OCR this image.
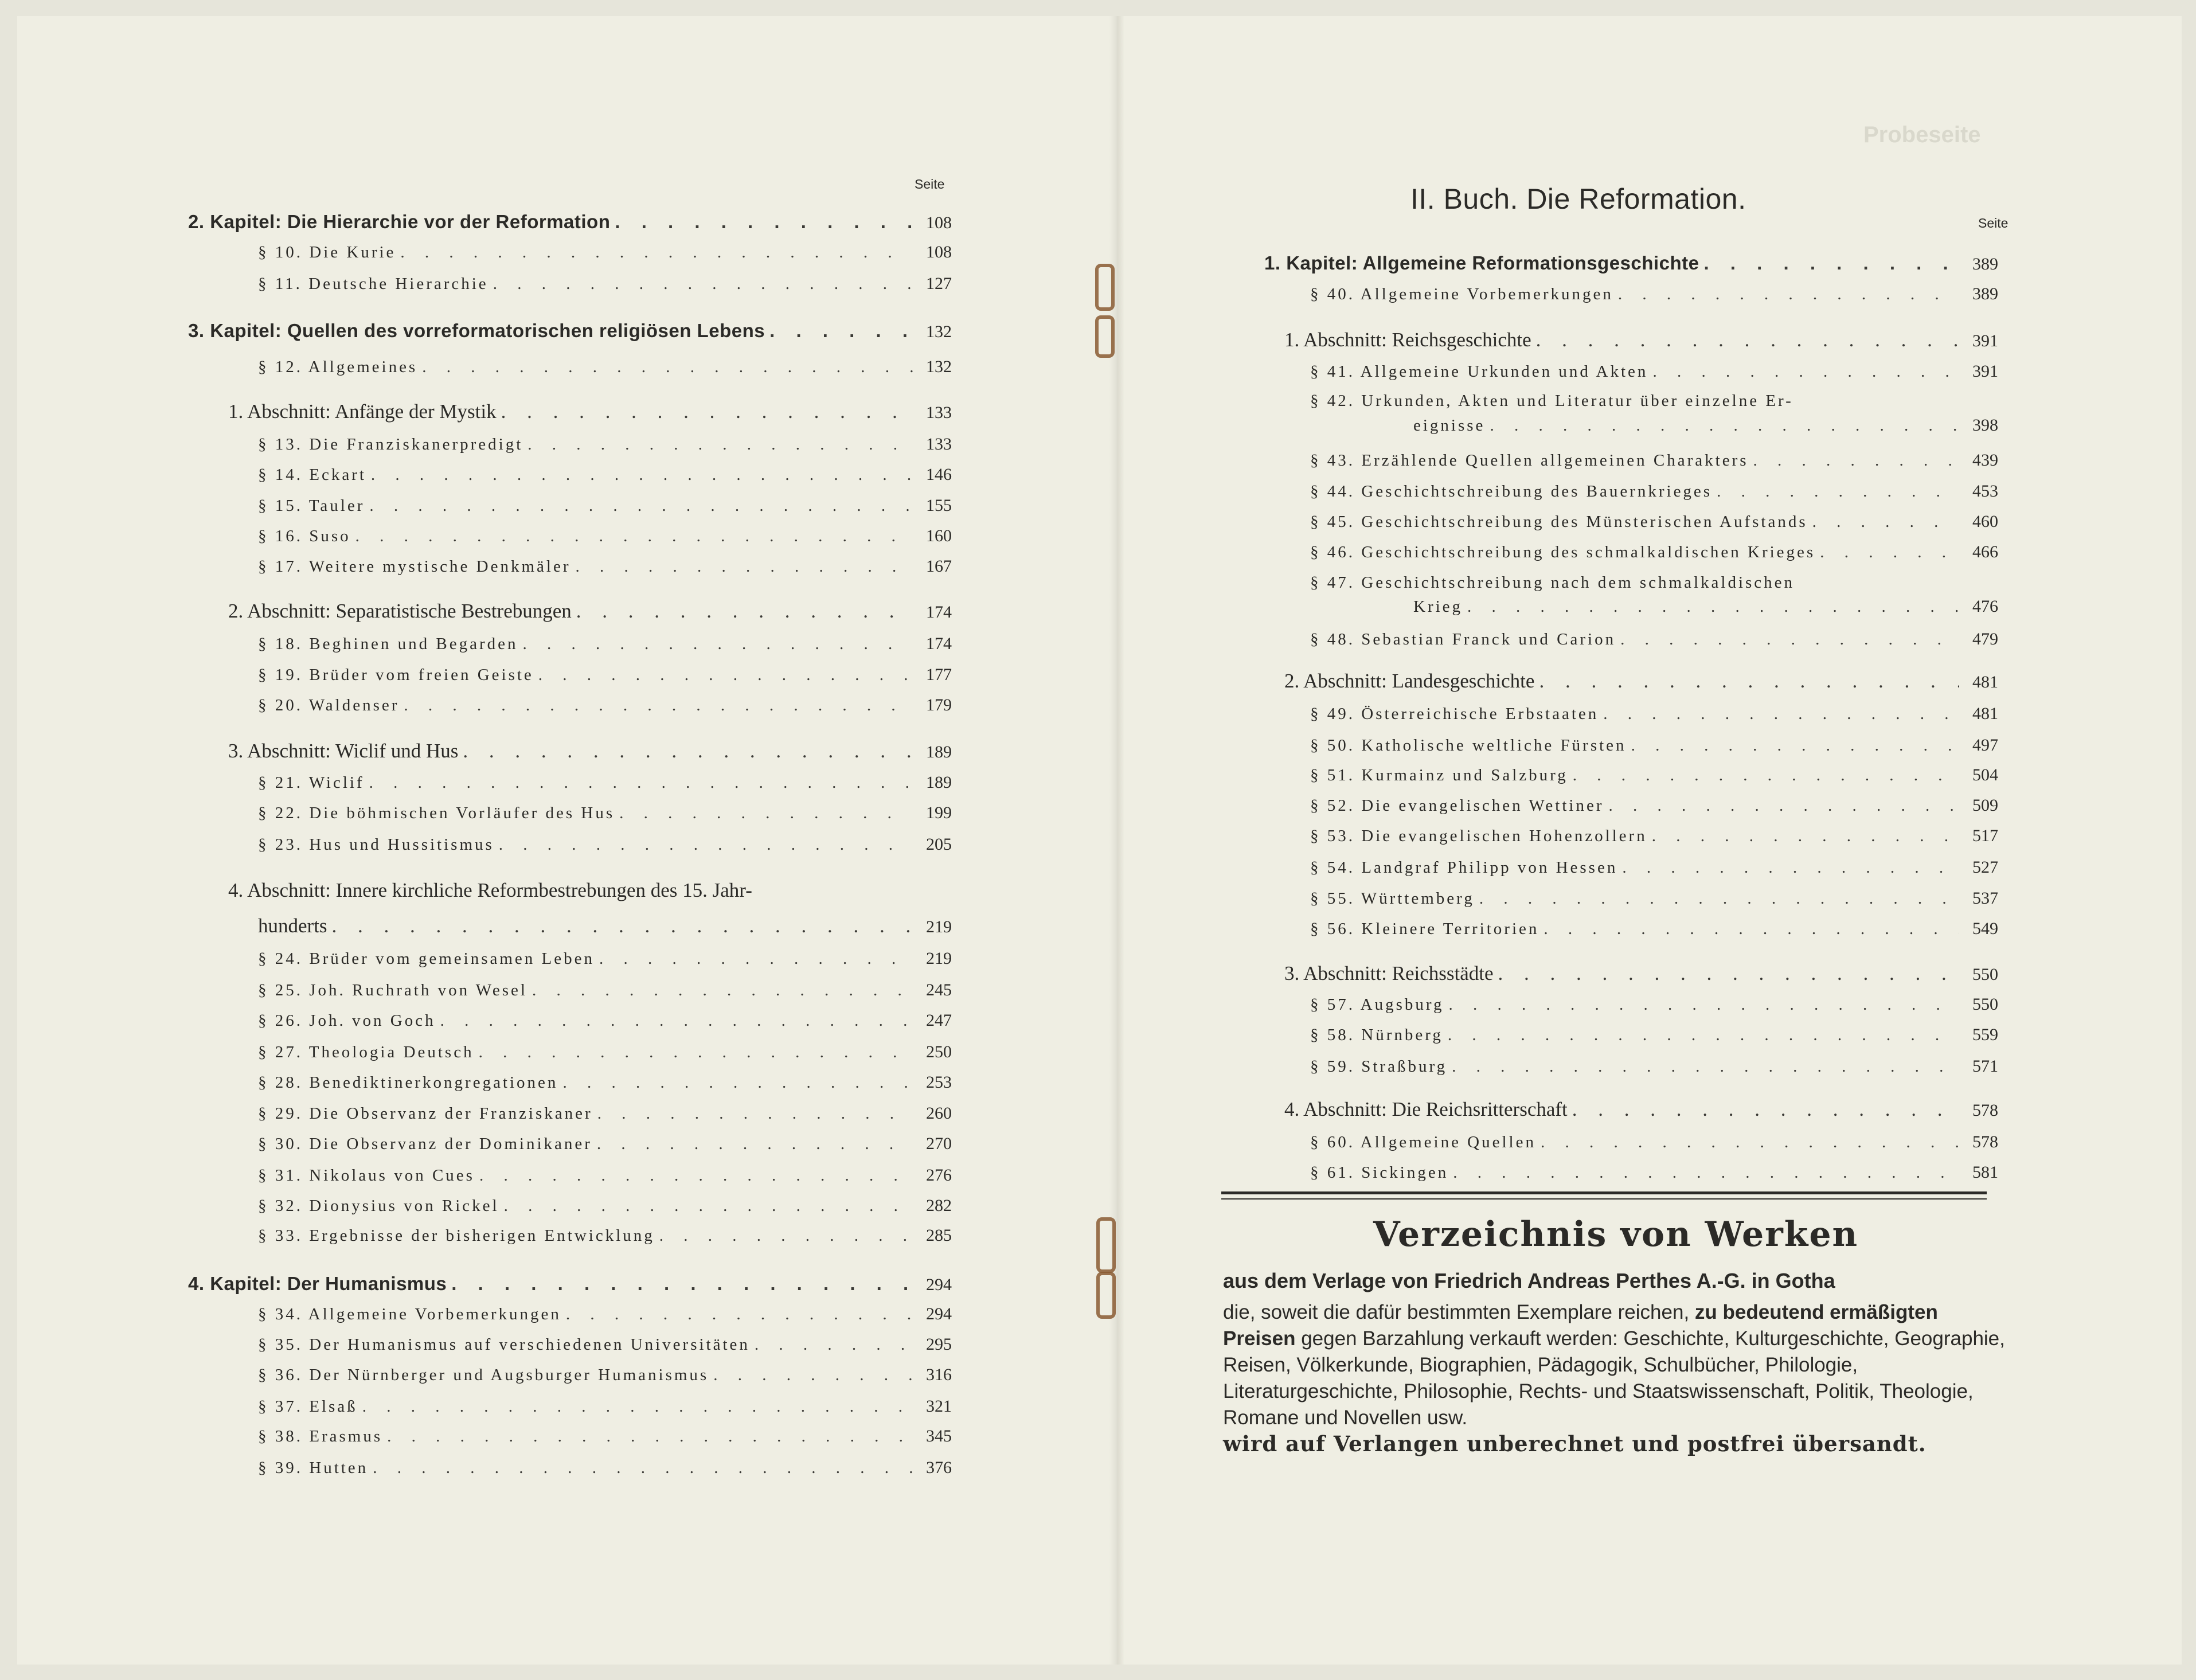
Probeseite
Seite
2. Kapitel: Die Hierarchie vor der Reformation . . .	108
§ 10. Die Kurie . . .	108
§ 11. Deutsche Hierarchie . . .	127
3. Kapitel: Quellen des vorreformatorischen religiösen Lebens . . .	132
§ 12. Allgemeines . . .	132
1. Abschnitt: Anfänge der Mystik . . .	133
§ 13. Die Franziskanerpredigt . . .	133
§ 14. Eckart . . .	146
§ 15. Tauler . . .	155
§ 16. Suso . . .	160
§ 17. Weitere mystische Denkmäler . . .	167
2. Abschnitt: Separatistische Bestrebungen . . .	174
§ 18. Beghinen und Begarden . . .	174
§ 19. Brüder vom freien Geiste . . .	177
§ 20. Waldenser . . .	179
3. Abschnitt: Wiclif und Hus . . .	189
§ 21. Wiclif . . .	189
§ 22. Die böhmischen Vorläufer des Hus . . .	199
§ 23. Hus und Hussitismus . . .	205
4. Abschnitt: Innere kirchliche Reformbestrebungen des 15. Jahr-
hunderts . . .	219
§ 24. Brüder vom gemeinsamen Leben . . .	219
§ 25. Joh. Ruchrath von Wesel . . .	245
§ 26. Joh. von Goch . . .	247
§ 27. Theologia Deutsch . . .	250
§ 28. Benediktinerkongregationen . . .	253
§ 29. Die Observanz der Franziskaner . . .	260
§ 30. Die Observanz der Dominikaner . . .	270
§ 31. Nikolaus von Cues . . .	276
§ 32. Dionysius von Rickel . . .	282
§ 33. Ergebnisse der bisherigen Entwicklung . . .	285
4. Kapitel: Der Humanismus . . .	294
§ 34. Allgemeine Vorbemerkungen . . .	294
§ 35. Der Humanismus auf verschiedenen Universitäten . . .	295
§ 36. Der Nürnberger und Augsburger Humanismus . . .	316
§ 37. Elsaß . . .	321
§ 38. Erasmus . . .	345
§ 39. Hutten . . .	376
II. Buch. Die Reformation.
Seite
1. Kapitel: Allgemeine Reformationsgeschichte . . .	389
§ 40. Allgemeine Vorbemerkungen . . .	389
1. Abschnitt: Reichsgeschichte . . .	391
§ 41. Allgemeine Urkunden und Akten . . .	391
§ 42. Urkunden, Akten und Literatur über einzelne Er-
eignisse . . .	398
§ 43. Erzählende Quellen allgemeinen Charakters . . .	439
§ 44. Geschichtschreibung des Bauernkrieges . . .	453
§ 45. Geschichtschreibung des Münsterischen Aufstands . . .	460
§ 46. Geschichtschreibung des schmalkaldischen Krieges . . .	466
§ 47. Geschichtschreibung nach dem schmalkaldischen
Krieg . . .	476
§ 48. Sebastian Franck und Carion . . .	479
2. Abschnitt: Landesgeschichte . . .	481
§ 49. Österreichische Erbstaaten . . .	481
§ 50. Katholische weltliche Fürsten . . .	497
§ 51. Kurmainz und Salzburg . . .	504
§ 52. Die evangelischen Wettiner . . .	509
§ 53. Die evangelischen Hohenzollern . . .	517
§ 54. Landgraf Philipp von Hessen . . .	527
§ 55. Württemberg . . .	537
§ 56. Kleinere Territorien . . .	549
3. Abschnitt: Reichsstädte . . .	550
§ 57. Augsburg . . .	550
§ 58. Nürnberg . . .	559
§ 59. Straßburg . . .	571
4. Abschnitt: Die Reichsritterschaft . . .	578
§ 60. Allgemeine Quellen . . .	578
§ 61. Sickingen . . .	581
Verzeichnis von Werken
aus dem Verlage von Friedrich Andreas Perthes A.-G. in Gotha
die, soweit die dafür bestimmten Exemplare reichen, zu bedeutend ermäßigten Preisen gegen Barzahlung verkauft werden: Geschichte, Kulturgeschichte, Geographie, Reisen, Völkerkunde, Biographien, Pädagogik, Schulbücher, Philologie, Literaturgeschichte, Philosophie, Rechts- und Staatswissenschaft, Politik, Theologie, Romane und Novellen usw.
wird auf Verlangen unberechnet und postfrei übersandt.
